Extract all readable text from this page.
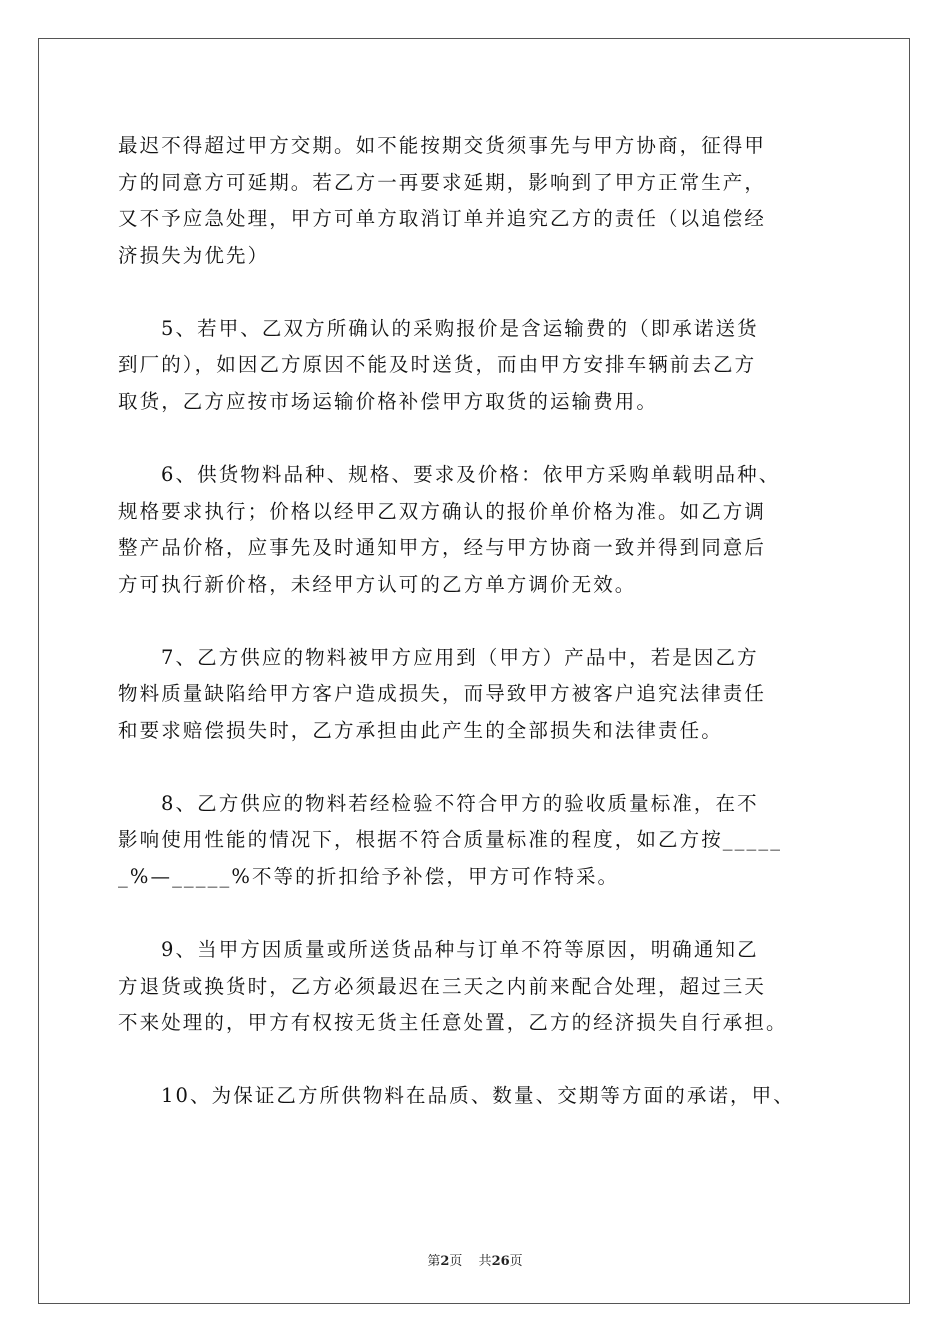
最迟不得超过甲方交期。如不能按期交货须事先与甲方协商，征得甲
方的同意方可延期。若乙方一再要求延期，影响到了甲方正常生产，
又不予应急处理，甲方可单方取消订单并追究乙方的责任（以追偿经
济损失为优先）
5、若甲、乙双方所确认的采购报价是含运输费的（即承诺送货
到厂的），如因乙方原因不能及时送货，而由甲方安排车辆前去乙方
取货，乙方应按市场运输价格补偿甲方取货的运输费用。
6、供货物料品种、规格、要求及价格：依甲方采购单载明品种、
规格要求执行；价格以经甲乙双方确认的报价单价格为准。如乙方调
整产品价格，应事先及时通知甲方，经与甲方协商一致并得到同意后
方可执行新价格，未经甲方认可的乙方单方调价无效。
7、乙方供应的物料被甲方应用到（甲方）产品中，若是因乙方
物料质量缺陷给甲方客户造成损失，而导致甲方被客户追究法律责任
和要求赔偿损失时，乙方承担由此产生的全部损失和法律责任。
8、乙方供应的物料若经检验不符合甲方的验收质量标准，在不
影响使用性能的情况下，根据不符合质量标准的程度，如乙方按_____
_%—_____%不等的折扣给予补偿，甲方可作特采。
9、当甲方因质量或所送货品种与订单不符等原因，明确通知乙
方退货或换货时，乙方必须最迟在三天之内前来配合处理，超过三天
不来处理的，甲方有权按无货主任意处置，乙方的经济损失自行承担。
10、为保证乙方所供物料在品质、数量、交期等方面的承诺，甲、
第2页 共26页
